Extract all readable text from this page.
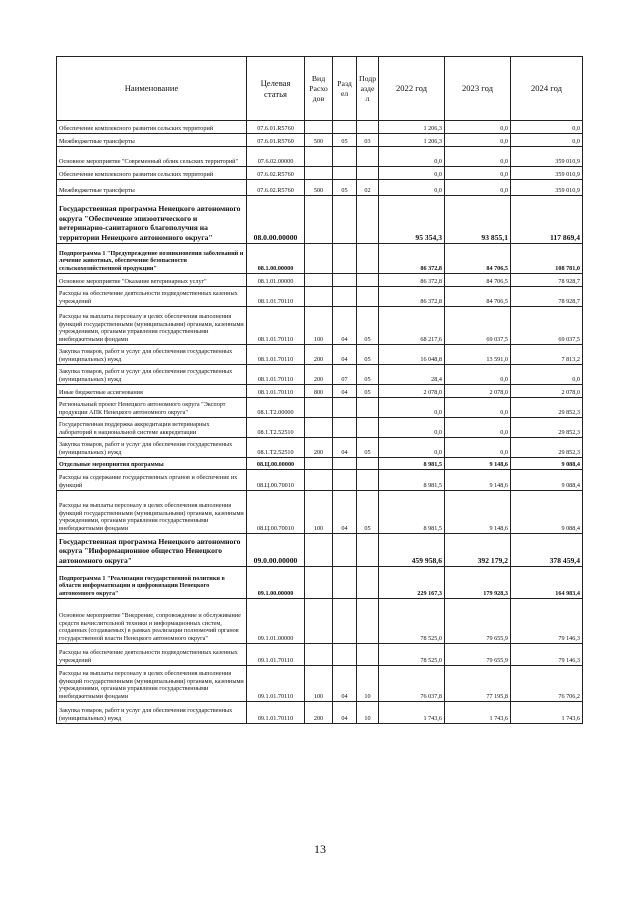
Наименование	Целевая статья	Вид Расхо дов	Разд ел	Подр азде л	2022 год	2023 год	2024 год
Обеспечение комплексного развития сельских территорий	07.6.01.R5760				1 206,3	0,0	0,0
Межбюджетные трансферты	07.6.01.R5760	500	05	03	1 206,3	0,0	0,0
Основное мероприятие "Современный облик сельских территорий"	07.6.02.00000				0,0	0,0	359 010,9
Обеспечение комплексного развития сельских территорий	07.6.02.R5760				0,0	0,0	359 010,9
Межбюджетные трансферты	07.6.02.R5760	500	05	02	0,0	0,0	359 010,9
Государственная программа Ненецкого автономного округа "Обеспечение эпизоотического и ветеринарно-санитарного благополучия на территории Ненецкого автономного округа"	08.0.00.00000				95 354,3	93 855,1	117 869,4
Подпрограмма 1 "Предупреждение возникновения заболеваний и лечение животных, обеспечение безопасности сельскохозяйственной продукции"	08.1.00.00000				86 372,8	84 706,5	108 781,0
Основное мероприятие "Оказание ветеринарных услуг"	08.1.01.00000				86 372,8	84 706,5	78 928,7
Расходы на обеспечение деятельности подведомственных казенных учреждений	08.1.01.70110				86 372,8	84 706,5	78 928,7
Расходы на выплаты персоналу в целях обеспечения выполнения функций государственными (муниципальными) органами, казенными учреждениями, органами управления государственными внебюджетными фондами	08.1.01.70110	100	04	05	68 217,6	69 037,5	69 037,5
Закупка товаров, работ и услуг для обеспечения государственных (муниципальных) нужд	08.1.01.70110	200	04	05	16 048,8	13 591,0	7 813,2
Закупка товаров, работ и услуг для обеспечения государственных (муниципальных) нужд	08.1.01.70110	200	07	05	28,4	0,0	0,0
Иные бюджетные ассигнования	08.1.01.70110	800	04	05	2 078,0	2 078,0	2 078,0
Региональный проект Ненецкого автономного округа "Экспорт продукции АПК Ненецкого автономного округа"	08.1.T2.00000				0,0	0,0	29 852,3
Государственная поддержка аккредитации ветеринарных лабораторий в национальной системе аккредитации	08.1.T2.52510				0,0	0,0	29 852,3
Закупка товаров, работ и услуг для обеспечения государственных (муниципальных) нужд	08.1.T2.52510	200	04	05	0,0	0,0	29 852,3
Отдельные мероприятия программы	08.Ц.00.00000				8 981,5	9 148,6	9 088,4
Расходы на содержание государственных органов и обеспечение их функций	08.Ц.00.70010				8 981,5	9 148,6	9 088,4
Расходы на выплаты персоналу в целях обеспечения выполнения функций государственными (муниципальными) органами, казенными учреждениями, органами управления государственными внебюджетными фондами	08.Ц.00.70010	100	04	05	8 981,5	9 148,6	9 088,4
Государственная программа Ненецкого автономного округа "Информационное общество Ненецкого автономного округа"	09.0.00.00000				459 958,6	392 179,2	378 459,4
Подпрограмма 1 "Реализация государственной политики в области информатизации и цифровизации Ненецкого автономного округа"	09.1.00.00000				229 167,3	179 928,3	164 983,4
Основное мероприятие "Внедрение, сопровождение и обслуживание средств вычислительной техники и информационных систем, созданных (создаваемых) в рамках реализации полномочий органов государственной власти Ненецкого автономного округа"	09.1.01.00000				78 525,0	79 655,9	79 146,3
Расходы на обеспечение деятельности подведомственных казенных учреждений	09.1.01.70110				78 525,0	79 655,9	79 146,3
Расходы на выплаты персоналу в целях обеспечения выполнения функций государственными (муниципальными) органами, казенными учреждениями, органами управления государственными внебюджетными фондами	09.1.01.70110	100	04	10	76 037,8	77 195,8	76 706,2
Закупка товаров, работ и услуг для обеспечения государственных (муниципальных) нужд	09.1.01.70110	200	04	10	1 743,6	1 743,6	1 743,6
13
